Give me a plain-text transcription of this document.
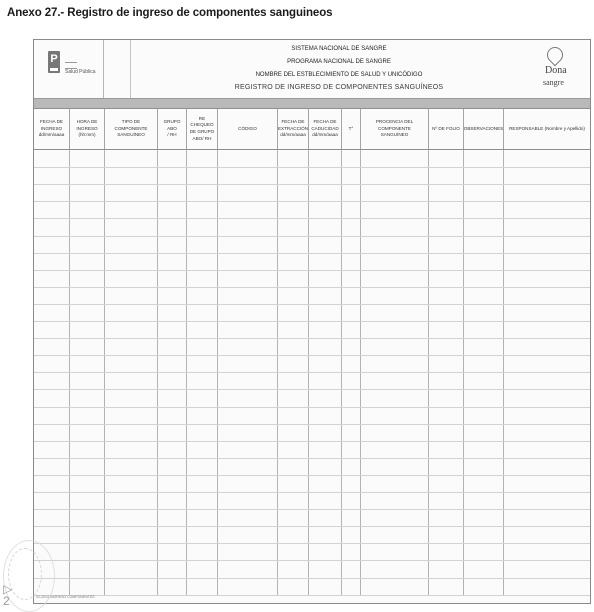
Anexo 27.- Registro de ingreso de componentes sanguineos
P
Salud Pública
SISTEMA NACIONAL DE SANGRE
PROGRAMA NACIONAL DE SANGRE
NOMBRE DEL ESTBLECIMIENTO DE SALUD Y UNICÓDIGO
REGISTRO DE INGRESO DE COMPONENTES SANGUÍNEOS
Dona
sangre
FECHA DE
INGRESO
dd/mm/aaaa
HORA DE
INGRESO
(hh:mm)
TIPO DE COMPONENTE
SANGUÍNEO
GRUPO ABO
/ RH
RE CHEQUEO
DE GRUPO
ABO/ RH
CÓDIGO
FECHA DE
EXTRACCIÓN
dd/mm/aaaa
FECHA DE
CADUCIDAD
dd/mm/aaaa
T°
PROCENCIA DEL COMPONENTE
SANGUÍNEO
Nº DE FOLIO OBSERVACIONES RESPONSABLE (Nombre y Apellido)
02-2014-INGRESO COMPONENTES
▷
2
